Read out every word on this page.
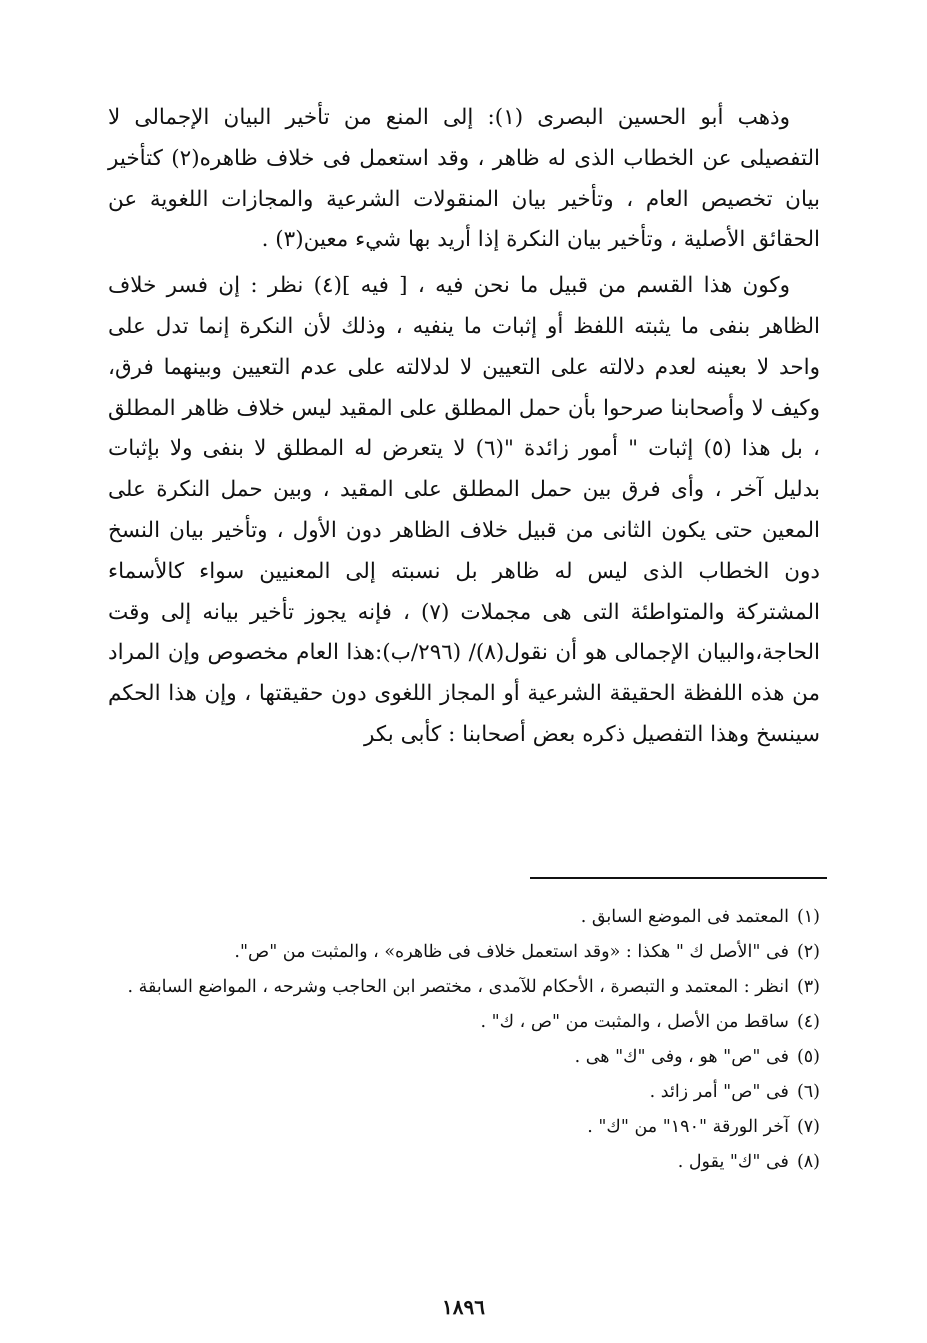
وذهب أبو الحسين البصرى (١): إلى المنع من تأخير البيان الإجمالى لا التفصيلى عن الخطاب الذى له ظاهر ، وقد استعمل فى خلاف ظاهره(٢) كتأخير بيان تخصيص العام ، وتأخير بيان المنقولات الشرعية والمجازات اللغوية عن الحقائق الأصلية ، وتأخير بيان النكرة إذا أريد بها شيء معين(٣) .

وكون هذا القسم من قبيل ما نحن فيه ، [ فيه ](٤) نظر : إن فسر خلاف الظاهر بنفى ما يثبته اللفظ أو إثبات ما ينفيه ، وذلك لأن النكرة إنما تدل على واحد لا بعينه لعدم دلالته على التعيين لا لدلالته على عدم التعيين وبينهما فرق، وكيف لا وأصحابنا صرحوا بأن حمل المطلق على المقيد ليس خلاف ظاهر المطلق ، بل هذا (٥) إثبات " أمور زائدة "(٦) لا يتعرض له المطلق لا بنفى ولا بإثبات بدليل آخر ، وأى فرق بين حمل المطلق على المقيد ، وبين حمل النكرة على المعين حتى يكون الثانى من قبيل خلاف الظاهر دون الأول ، وتأخير بيان النسخ دون الخطاب الذى ليس له ظاهر بل نسبته إلى المعنيين سواء كالأسماء المشتركة والمتواطئة التى هى مجملات (٧) ، فإنه يجوز تأخير بيانه إلى وقت الحاجة،والبيان الإجمالى هو أن نقول(٨)/ (٢٩٦/ب):هذا العام مخصوص وإن المراد من هذه اللفظة الحقيقة الشرعية أو المجاز اللغوى دون حقيقتها ، وإن هذا الحكم سينسخ وهذا التفصيل ذكره بعض أصحابنا : كأبى بكر

(١)
المعتمد فى الموضع السابق .
(٢)
فى "الأصل ك " هكذا : «وقد استعمل خلاف فى ظاهره» ، والمثبت من "ص".
(٣)
انظر : المعتمد و التبصرة ، الأحكام للآمدى ، مختصر ابن الحاجب وشرحه ، المواضع السابقة .
(٤)
ساقط من الأصل ، والمثبت من "ص ، ك" .
(٥)
فى "ص" هو ، وفى "ك" هى .
(٦)
فى "ص" أمر زائد .
(٧)
آخر الورقة "١٩٠" من "ك" .
(٨)
فى "ك" يقول .
١٨٩٦
